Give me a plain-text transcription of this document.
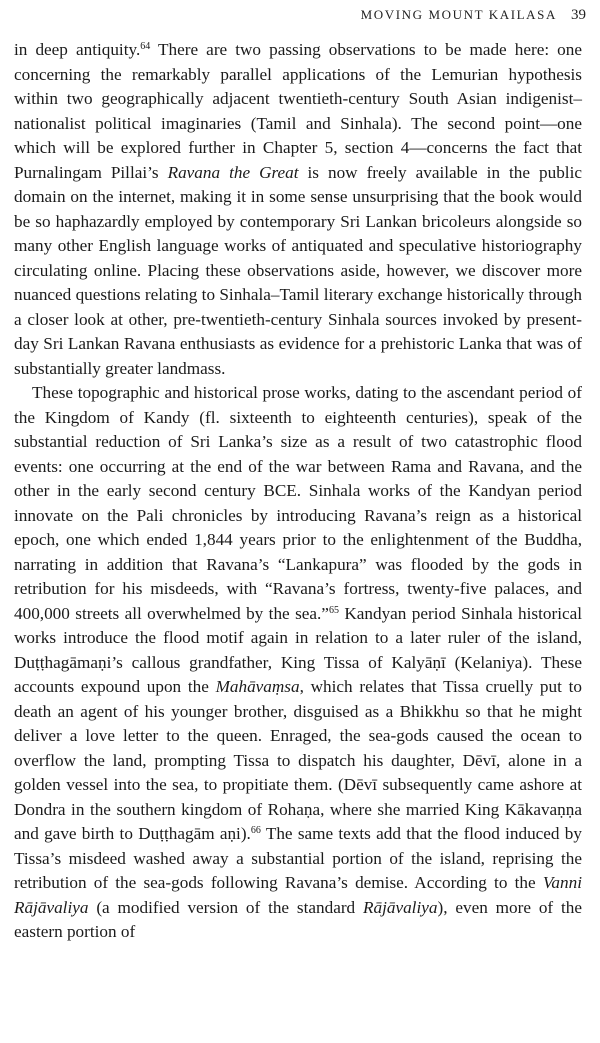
MOVING MOUNT KAILASA 39

in deep antiquity.$^{64}$ There are two passing observations to be made here: one concerning the remarkably parallel applications of the Lemurian hypothesis within two geographically adjacent twentieth-century South Asian indigenist–nationalist political imaginaries (Tamil and Sinhala). The second point—one which will be explored further in Chapter 5, section 4—concerns the fact that Purnalingam Pillai’s Ravana the Great is now freely available in the public domain on the internet, making it in some sense unsurprising that the book would be so haphazardly employed by contemporary Sri Lankan bricoleurs alongside so many other English language works of antiquated and speculative historiography circulating online. Placing these observations aside, however, we discover more nuanced questions relating to Sinhala–Tamil literary exchange historically through a closer look at other, pre-twentieth-century Sinhala sources invoked by present-day Sri Lankan Ravana enthusiasts as evidence for a prehistoric Lanka that was of substantially greater landmass.

These topographic and historical prose works, dating to the ascendant period of the Kingdom of Kandy (fl. sixteenth to eighteenth centuries), speak of the substantial reduction of Sri Lanka’s size as a result of two catastrophic flood events: one occurring at the end of the war between Rama and Ravana, and the other in the early second century BCE. Sinhala works of the Kandyan period innovate on the Pali chronicles by introducing Ravana’s reign as a historical epoch, one which ended 1,844 years prior to the enlightenment of the Buddha, narrating in addition that Ravana’s “Lankapura” was flooded by the gods in retribution for his misdeeds, with “Ravana’s fortress, twenty-five palaces, and 400,000 streets all overwhelmed by the sea.”$^{65}$ Kandyan period Sinhala historical works introduce the flood motif again in relation to a later ruler of the island, Duṭṭhagāmaṇi’s callous grandfather, King Tissa of Kalyāṇī (Kelaniya). These accounts expound upon the Mahāvaṃsa, which relates that Tissa cruelly put to death an agent of his younger brother, disguised as a Bhikkhu so that he might deliver a love letter to the queen. Enraged, the sea-gods caused the ocean to overflow the land, prompting Tissa to dispatch his daughter, Dēvī, alone in a golden vessel into the sea, to propitiate them. (Dēvī subsequently came ashore at Dondra in the southern kingdom of Rohaṇa, where she married King Kākavaṇṇa and gave birth to Duṭṭhagām aṇi).$^{66}$ The same texts add that the flood induced by Tissa’s misdeed washed away a substantial portion of the island, reprising the retribution of the sea-gods following Ravana’s demise. According to the Vanni Rājāvaliya (a modified version of the standard Rājāvaliya), even more of the eastern portion of
